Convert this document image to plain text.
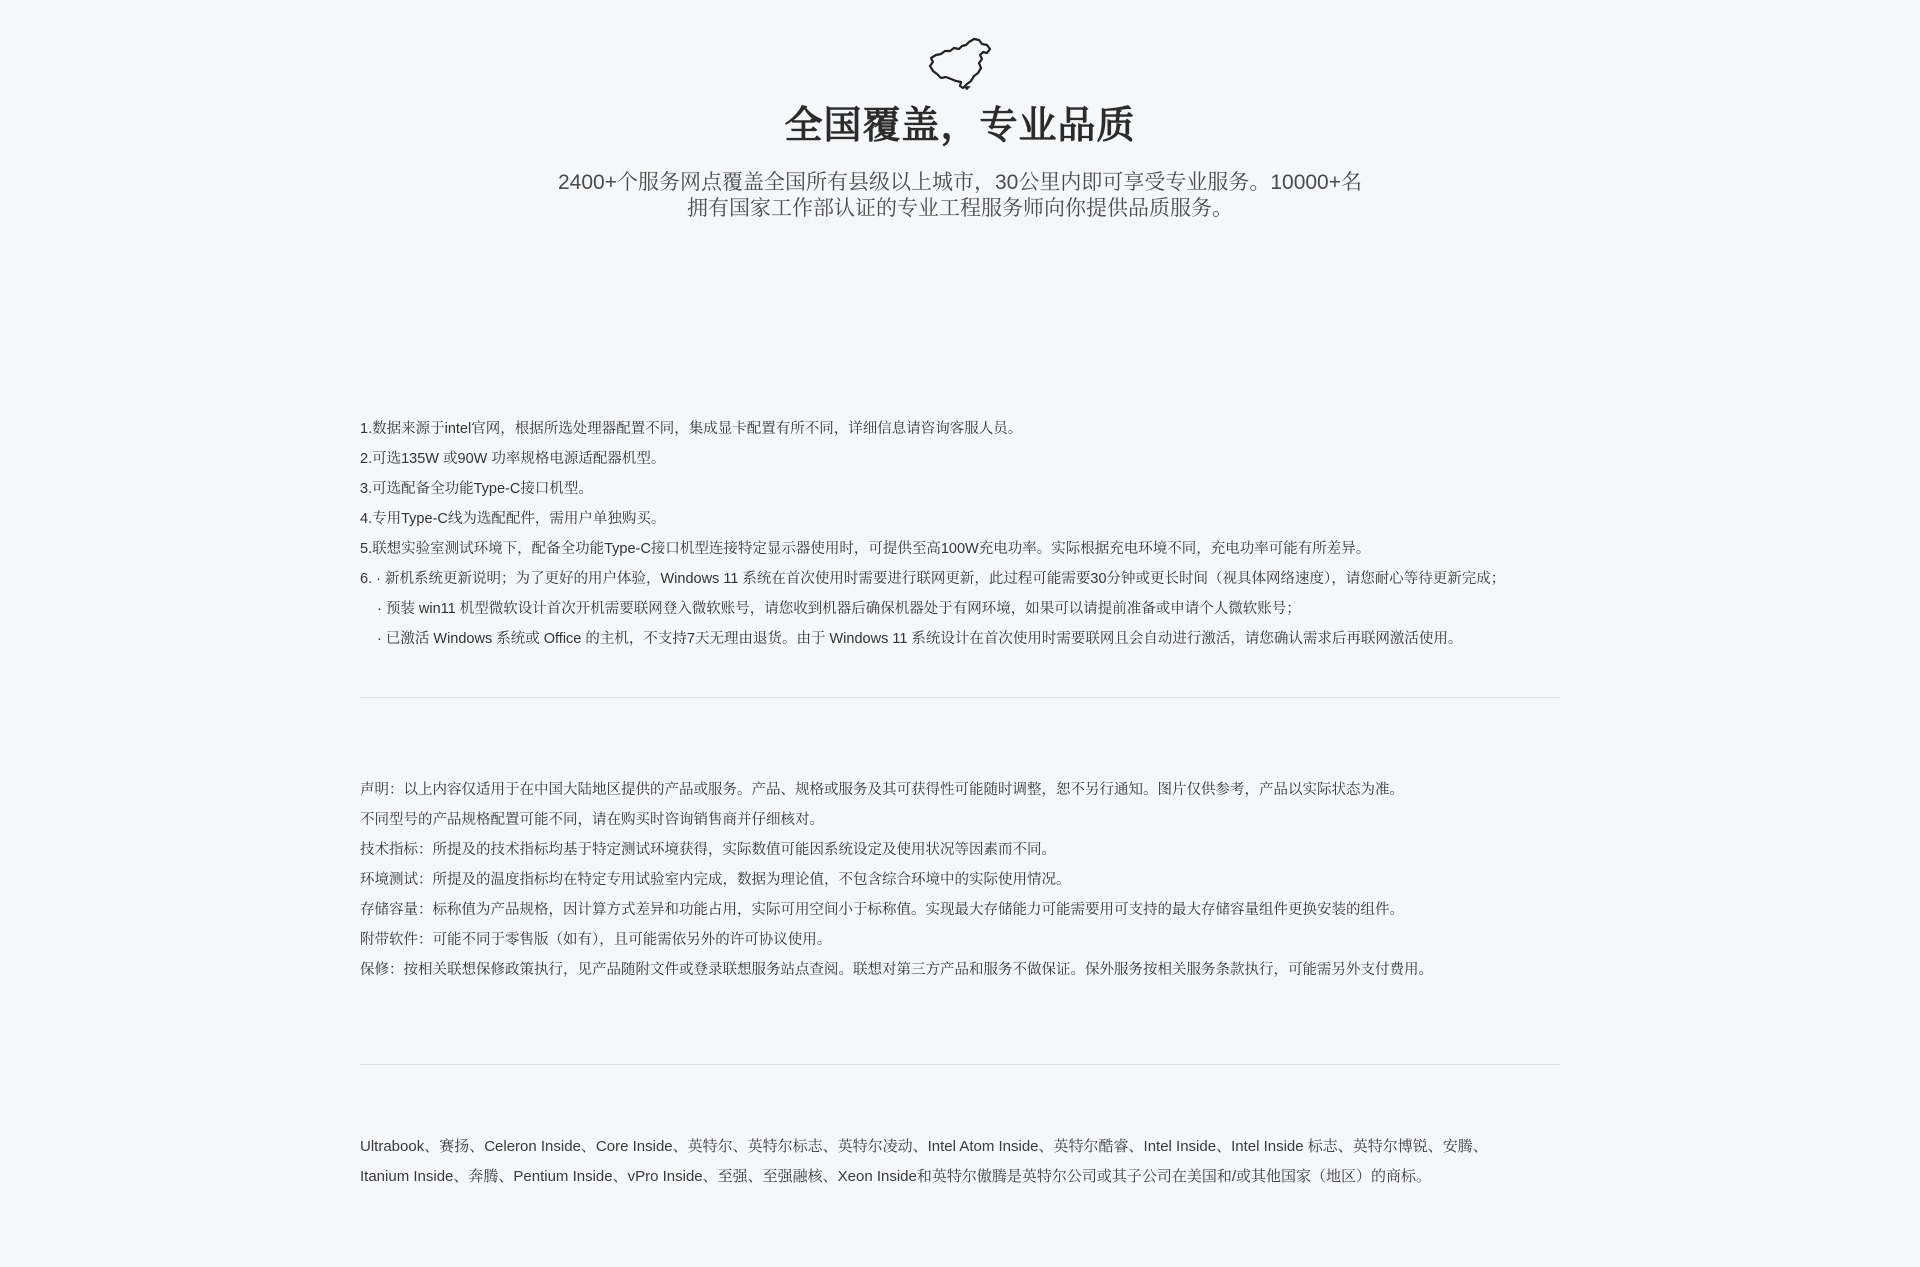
全国覆盖，专业品质
2400+个服务网点覆盖全国所有县级以上城市，30公里内即可享受专业服务。10000+名
拥有国家工作部认证的专业工程服务师向你提供品质服务。
1.数据来源于intel官网，根据所选处理器配置不同，集成显卡配置有所不同，详细信息请咨询客服人员。
2.可选135W 或90W 功率规格电源适配器机型。
3.可选配备全功能Type-C接口机型。
4.专用Type-C线为选配配件，需用户单独购买。
5.联想实验室测试环境下，配备全功能Type-C接口机型连接特定显示器使用时，可提供至高100W充电功率。实际根据充电环境不同，充电功率可能有所差异。
6. · 新机系统更新说明；为了更好的用户体验，Windows 11 系统在首次使用时需要进行联网更新，此过程可能需要30分钟或更长时间（视具体网络速度），请您耐心等待更新完成；
· 预装 win11 机型微软设计首次开机需要联网登入微软账号，请您收到机器后确保机器处于有网环境，如果可以请提前准备或申请个人微软账号；
· 已激活 Windows 系统或 Office 的主机，不支持7天无理由退货。由于 Windows 11 系统设计在首次使用时需要联网且会自动进行激活，请您确认需求后再联网激活使用。
声明：以上内容仅适用于在中国大陆地区提供的产品或服务。产品、规格或服务及其可获得性可能随时调整，恕不另行通知。图片仅供参考，产品以实际状态为准。
不同型号的产品规格配置可能不同，请在购买时咨询销售商并仔细核对。
技术指标：所提及的技术指标均基于特定测试环境获得，实际数值可能因系统设定及使用状况等因素而不同。
环境测试：所提及的温度指标均在特定专用试验室内完成，数据为理论值，不包含综合环境中的实际使用情况。
存储容量：标称值为产品规格，因计算方式差异和功能占用，实际可用空间小于标称值。实现最大存储能力可能需要用可支持的最大存储容量组件更换安装的组件。
附带软件：可能不同于零售版（如有），且可能需依另外的许可协议使用。
保修：按相关联想保修政策执行，见产品随附文件或登录联想服务站点查阅。联想对第三方产品和服务不做保证。保外服务按相关服务条款执行，可能需另外支付费用。
Ultrabook、赛扬、Celeron Inside、Core Inside、英特尔、英特尔标志、英特尔凌动、Intel Atom Inside、英特尔酷睿、Intel Inside、Intel Inside 标志、英特尔博锐、安腾、
Itanium Inside、奔腾、Pentium Inside、vPro Inside、至强、至强融核、Xeon Inside和英特尔傲腾是英特尔公司或其子公司在美国和/或其他国家（地区）的商标。
